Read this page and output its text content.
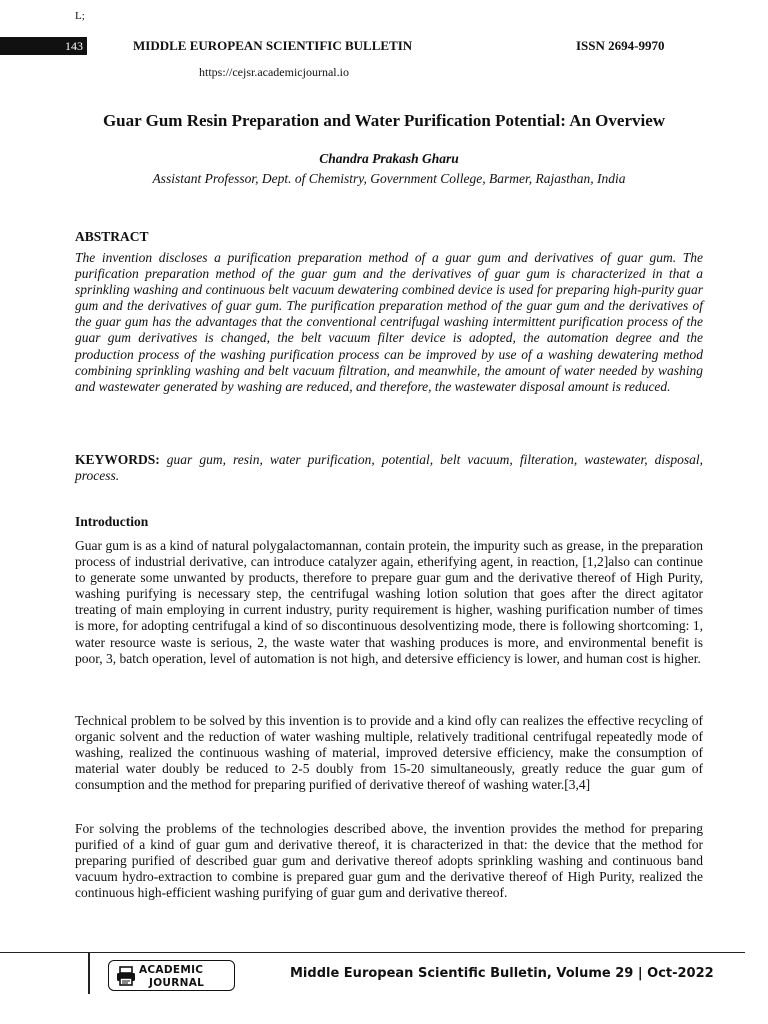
L;
143	MIDDLE EUROPEAN SCIENTIFIC BULLETIN	ISSN 2694-9970
https://cejsr.academicjournal.io
Guar Gum Resin Preparation and Water Purification Potential: An Overview
Chandra Prakash Gharu
Assistant Professor, Dept. of Chemistry, Government College, Barmer, Rajasthan, India
ABSTRACT
The invention discloses a purification preparation method of a guar gum and derivatives of guar gum. The purification preparation method of the guar gum and the derivatives of guar gum is characterized in that a sprinkling washing and continuous belt vacuum dewatering combined device is used for preparing high-purity guar gum and the derivatives of guar gum. The purification preparation method of the guar gum and the derivatives of the guar gum has the advantages that the conventional centrifugal washing intermittent purification process of the guar gum derivatives is changed, the belt vacuum filter device is adopted, the automation degree and the production process of the washing purification process can be improved by use of a washing dewatering method combining sprinkling washing and belt vacuum filtration, and meanwhile, the amount of water needed by washing and wastewater generated by washing are reduced, and therefore, the wastewater disposal amount is reduced.
KEYWORDS: guar gum, resin, water purification, potential, belt vacuum, filteration, wastewater, disposal, process.
Introduction
Guar gum is as a kind of natural polygalactomannan, contain protein, the impurity such as grease, in the preparation process of industrial derivative, can introduce catalyzer again, etherifying agent, in reaction, [1,2]also can continue to generate some unwanted by products, therefore to prepare guar gum and the derivative thereof of High Purity, washing purifying is necessary step, the centrifugal washing lotion solution that goes after the direct agitator treating of main employing in current industry, purity requirement is higher, washing purification number of times is more, for adopting centrifugal a kind of so discontinuous desolventizing mode, there is following shortcoming: 1, water resource waste is serious, 2, the waste water that washing produces is more, and environmental benefit is poor, 3, batch operation, level of automation is not high, and detersive efficiency is lower, and human cost is higher.
Technical problem to be solved by this invention is to provide and a kind ofly can realizes the effective recycling of organic solvent and the reduction of water washing multiple, relatively traditional centrifugal repeatedly mode of washing, realized the continuous washing of material, improved detersive efficiency, make the consumption of material water doubly be reduced to 2-5 doubly from 15-20 simultaneously, greatly reduce the guar gum of consumption and the method for preparing purified of derivative thereof of washing water.[3,4]
For solving the problems of the technologies described above, the invention provides the method for preparing purified of a kind of guar gum and derivative thereof, it is characterized in that: the device that the method for preparing purified of described guar gum and derivative thereof adopts sprinkling washing and continuous band vacuum hydro-extraction to combine is prepared guar gum and the derivative thereof of High Purity, realized the continuous high-efficient washing purifying of guar gum and derivative thereof.
ACADEMIC
JOURNAL
Middle European Scientific Bulletin, Volume 29 | Oct-2022
